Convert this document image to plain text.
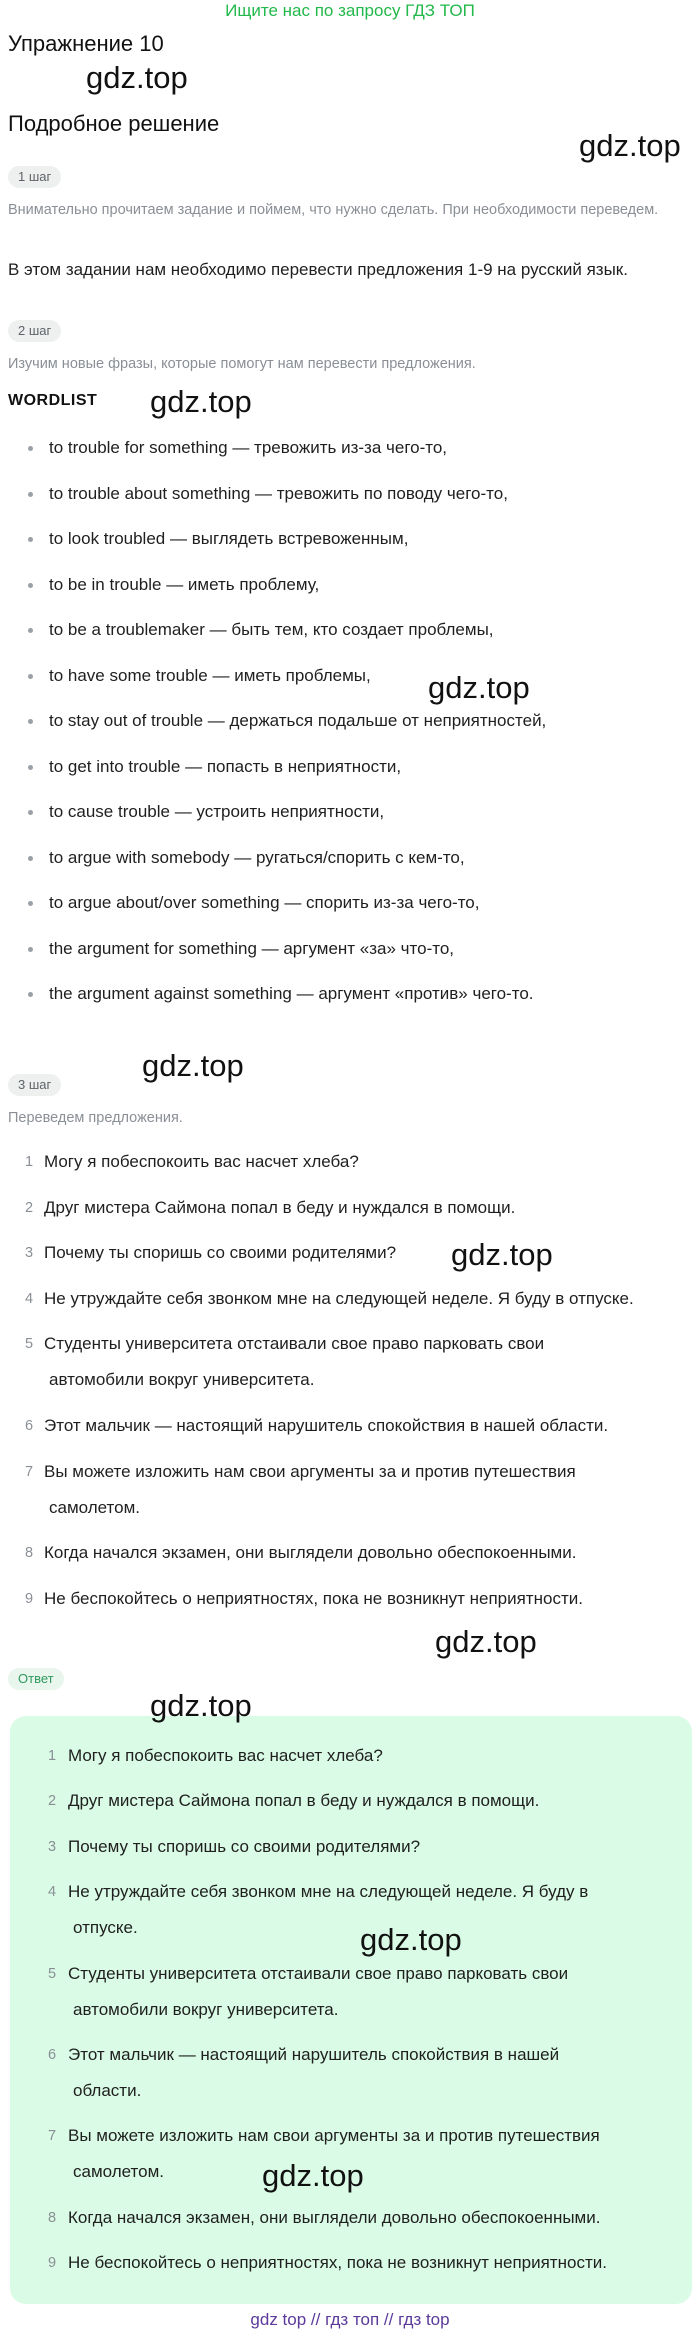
Ищите нас по запросу ГДЗ ТОП
Упражнение 10
gdz.top
Подробное решение
gdz.top
1 шаг
Внимательно прочитаем задание и поймем, что нужно сделать. При необходимости переведем.
В этом задании нам необходимо перевести предложения 1-9 на русский язык.
2 шаг
Изучим новые фразы, которые помогут нам перевести предложения.
WORDLIST gdz.top
to trouble for something — тревожить из-за чего-то,
to trouble about something — тревожить по поводу чего-то,
to look troubled — выглядеть встревоженным,
to be in trouble — иметь проблему,
to be a troublemaker — быть тем, кто создает проблемы,
to have some trouble — иметь проблемы,
to stay out of trouble — держаться подальше от неприятностей,
to get into trouble — попасть в неприятности,
to cause trouble — устроить неприятности,
to argue with somebody — ругаться/спорить с кем-то,
to argue about/over something — спорить из-за чего-то,
the argument for something — аргумент «за» что-то,
the argument against something — аргумент «против» чего-то.
gdz.top
gdz.top
3 шаг
Переведем предложения.
1 Могу я побеспокоить вас насчет хлеба?
2 Друг мистера Саймона попал в беду и нуждался в помощи.
3 Почему ты споришь со своими родителями?
4 Не утруждайте себя звонком мне на следующей неделе. Я буду в отпуске.
5 Студенты университета отстаивали свое право парковать свои
автомобили вокруг университета.
6 Этот мальчик — настоящий нарушитель спокойствия в нашей области.
7 Вы можете изложить нам свои аргументы за и против путешествия
самолетом.
8 Когда начался экзамен, они выглядели довольно обеспокоенными.
9 Не беспокойтесь о неприятностях, пока не возникнут неприятности.
gdz.top
gdz.top
Ответ
gdz.top
1 Могу я побеспокоить вас насчет хлеба?
2 Друг мистера Саймона попал в беду и нуждался в помощи.
3 Почему ты споришь со своими родителями?
4 Не утруждайте себя звонком мне на следующей неделе. Я буду в
отпуске.
5 Студенты университета отстаивали свое право парковать свои
автомобили вокруг университета.
6 Этот мальчик — настоящий нарушитель спокойствия в нашей
области.
7 Вы можете изложить нам свои аргументы за и против путешествия
самолетом.
8 Когда начался экзамен, они выглядели довольно обеспокоенными.
9 Не беспокойтесь о неприятностях, пока не возникнут неприятности.
gdz.top
gdz.top
gdz top // гдз топ // гдз top
